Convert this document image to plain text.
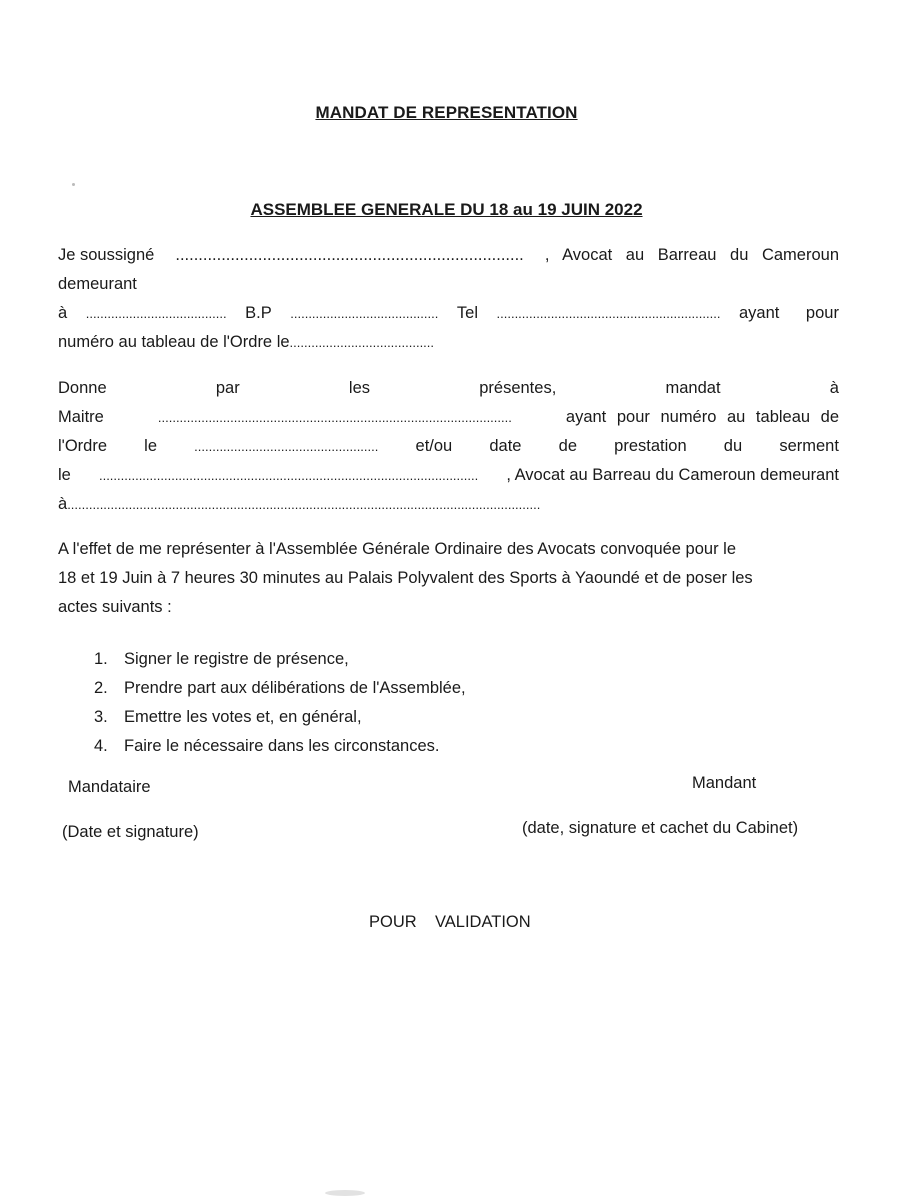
MANDAT DE REPRESENTATION
ASSEMBLEE GENERALE DU 18 au 19 JUIN 2022
Je soussigné ............................................................................ , Avocat au Barreau du Cameroun
demeurant
à ....................................... B.P ......................................... Tel .............................................................. ayant pour
numéro au tableau de l'Ordre le ........................................
Donne	par	les	présentes,	mandat	à
Maitre	..................................................................................................	ayant pour numéro au tableau de
l'Ordre le	................................................... et/ou date de prestation du serment
le ......................................................................................................... , Avocat au Barreau du Cameroun demeurant
à ...................................................................................................................................
A l'effet de me représenter à l'Assemblée Générale Ordinaire des Avocats convoquée pour le
18 et 19 Juin à 7 heures 30 minutes au Palais Polyvalent des Sports à Yaoundé et de poser les
actes suivants :
1. Signer le registre de présence,
2. Prendre part aux délibérations de l'Assemblée,
3. Emettre les votes et, en général,
4. Faire le nécessaire dans les circonstances.
Mandataire	Mandant
(Date et signature)	(date, signature et cachet du Cabinet)
POUR    VALIDATION
